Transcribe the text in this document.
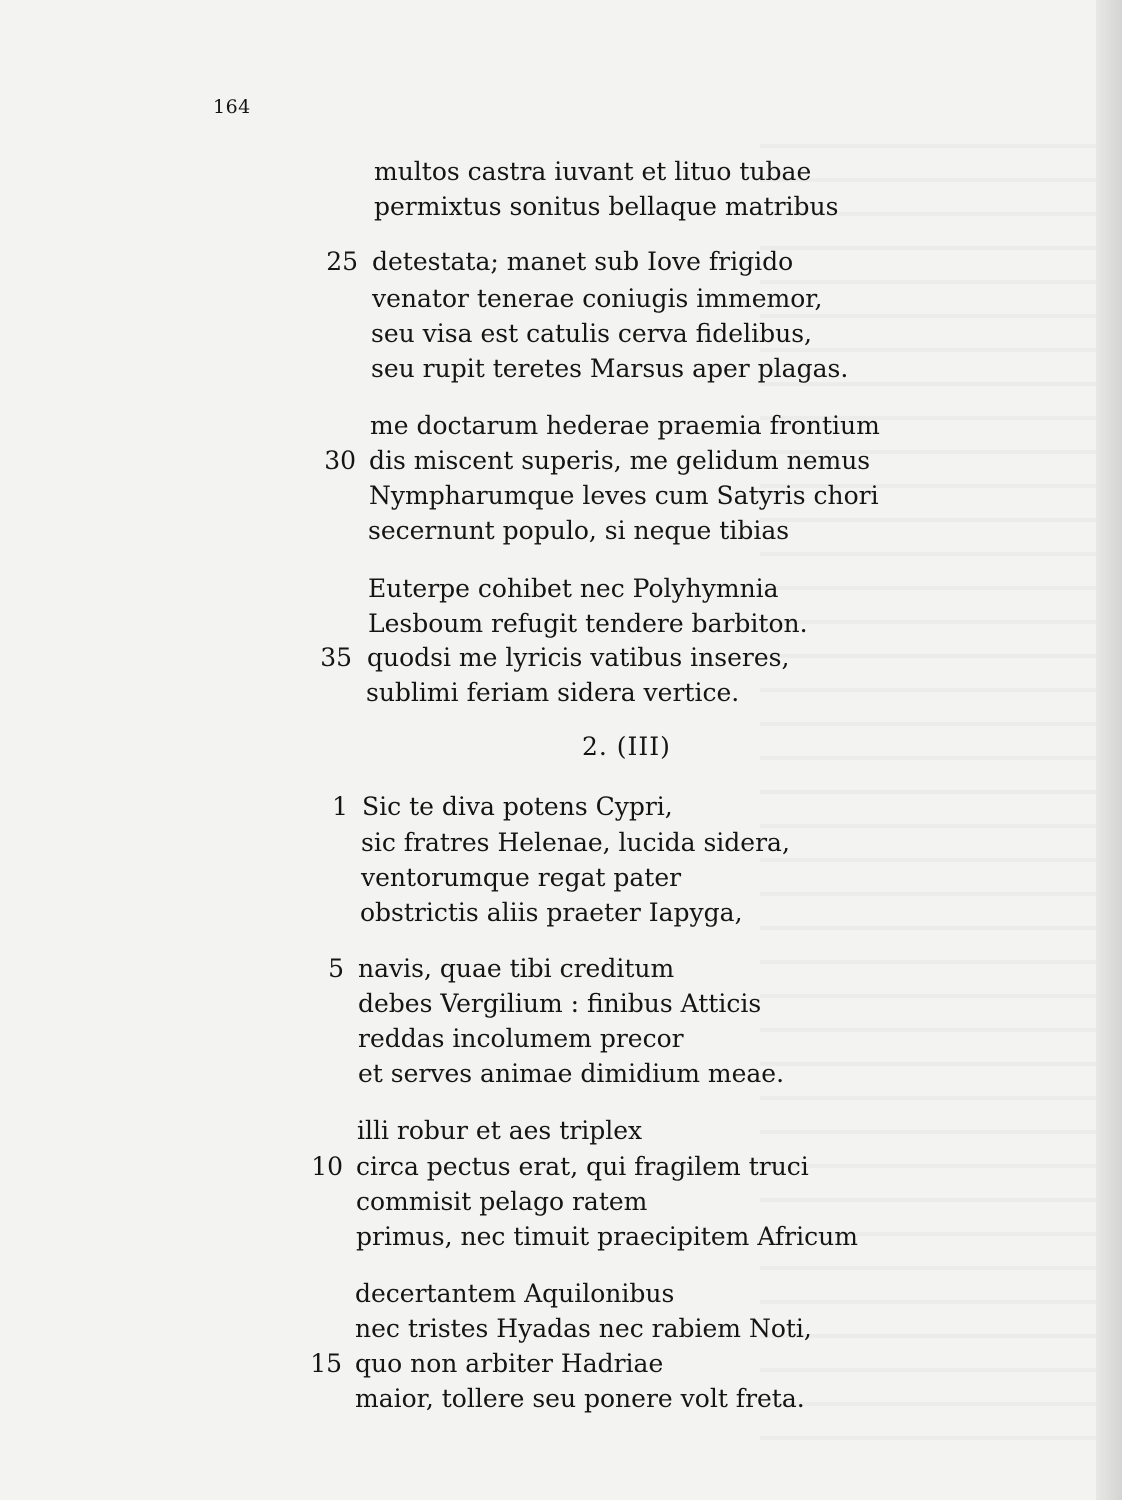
164
multos castra iuvant et lituo tubae
permixtus sonitus bellaque matribus
25 detestata; manet sub Iove frigido
venator tenerae coniugis immemor,
seu visa est catulis cerva fidelibus,
seu rupit teretes Marsus aper plagas.
me doctarum hederae praemia frontium
30 dis miscent superis, me gelidum nemus
Nympharumque leves cum Satyris chori
secernunt populo, si neque tibias
Euterpe cohibet nec Polyhymnia
Lesboum refugit tendere barbiton.
35 quodsi me lyricis vatibus inseres,
sublimi feriam sidera vertice.
2. (III)
1 Sic te diva potens Cypri,
sic fratres Helenae, lucida sidera,
ventorumque regat pater
obstrictis aliis praeter Iapyga,
5 navis, quae tibi creditum
debes Vergilium : finibus Atticis
reddas incolumem precor
et serves animae dimidium meae.
illi robur et aes triplex
10 circa pectus erat, qui fragilem truci
commisit pelago ratem
primus, nec timuit praecipitem Africum
decertantem Aquilonibus
nec tristes Hyadas nec rabiem Noti,
15 quo non arbiter Hadriae
maior, tollere seu ponere volt freta.
